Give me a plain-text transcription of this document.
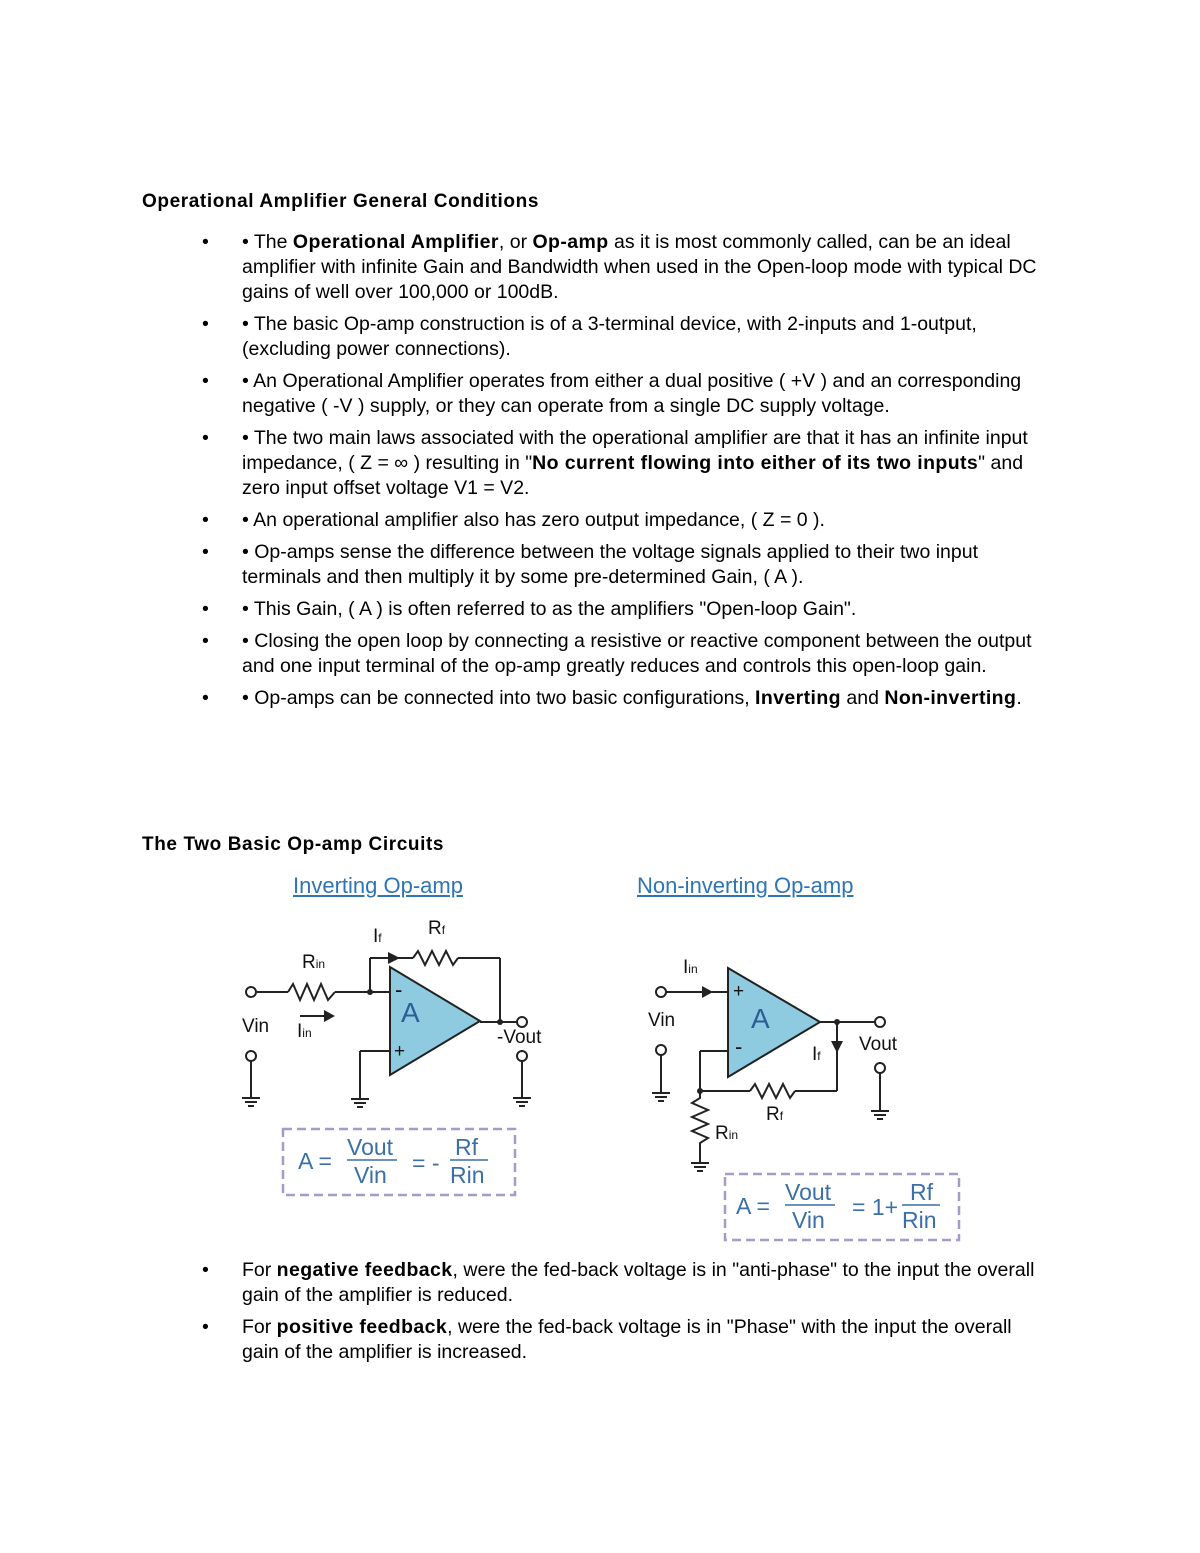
Operational Amplifier General Conditions
• • The Operational Amplifier, or Op-amp as it is most commonly called, can be an ideal amplifier with infinite Gain and Bandwidth when used in the Open-loop mode with typical DC gains of well over 100,000 or 100dB.
• • The basic Op-amp construction is of a 3-terminal device, with 2-inputs and 1-output, (excluding power connections).
• • An Operational Amplifier operates from either a dual positive ( +V ) and an corresponding negative ( -V ) supply, or they can operate from a single DC supply voltage.
• • The two main laws associated with the operational amplifier are that it has an infinite input impedance, ( Z = ∞ ) resulting in "No current flowing into either of its two inputs" and zero input offset voltage V1 = V2.
• • An operational amplifier also has zero output impedance, ( Z = 0 ).
• • Op-amps sense the difference between the voltage signals applied to their two input terminals and then multiply it by some pre-determined Gain, ( A ).
• • This Gain, ( A ) is often referred to as the amplifiers "Open-loop Gain".
• • Closing the open loop by connecting a resistive or reactive component between the output and one input terminal of the op-amp greatly reduces and controls this open-loop gain.
• • Op-amps can be connected into two basic configurations, Inverting and Non-inverting.
The Two Basic Op-amp Circuits

Inverting Op-amp	Non-inverting Op-amp

A
-
+
Rin
Rf
If
Iin
Vin
-Vout
A =
Vout
Vin = -
Rf
Rin
A
+
-
Iin
If
Rf
Rin
Vin
Vout
A =
Vout
Vin = 1+
Rf
Rin
• For negative feedback, were the fed-back voltage is in "anti-phase" to the input the overall gain of the amplifier is reduced.
• For positive feedback, were the fed-back voltage is in "Phase" with the input the overall gain of the amplifier is increased.
